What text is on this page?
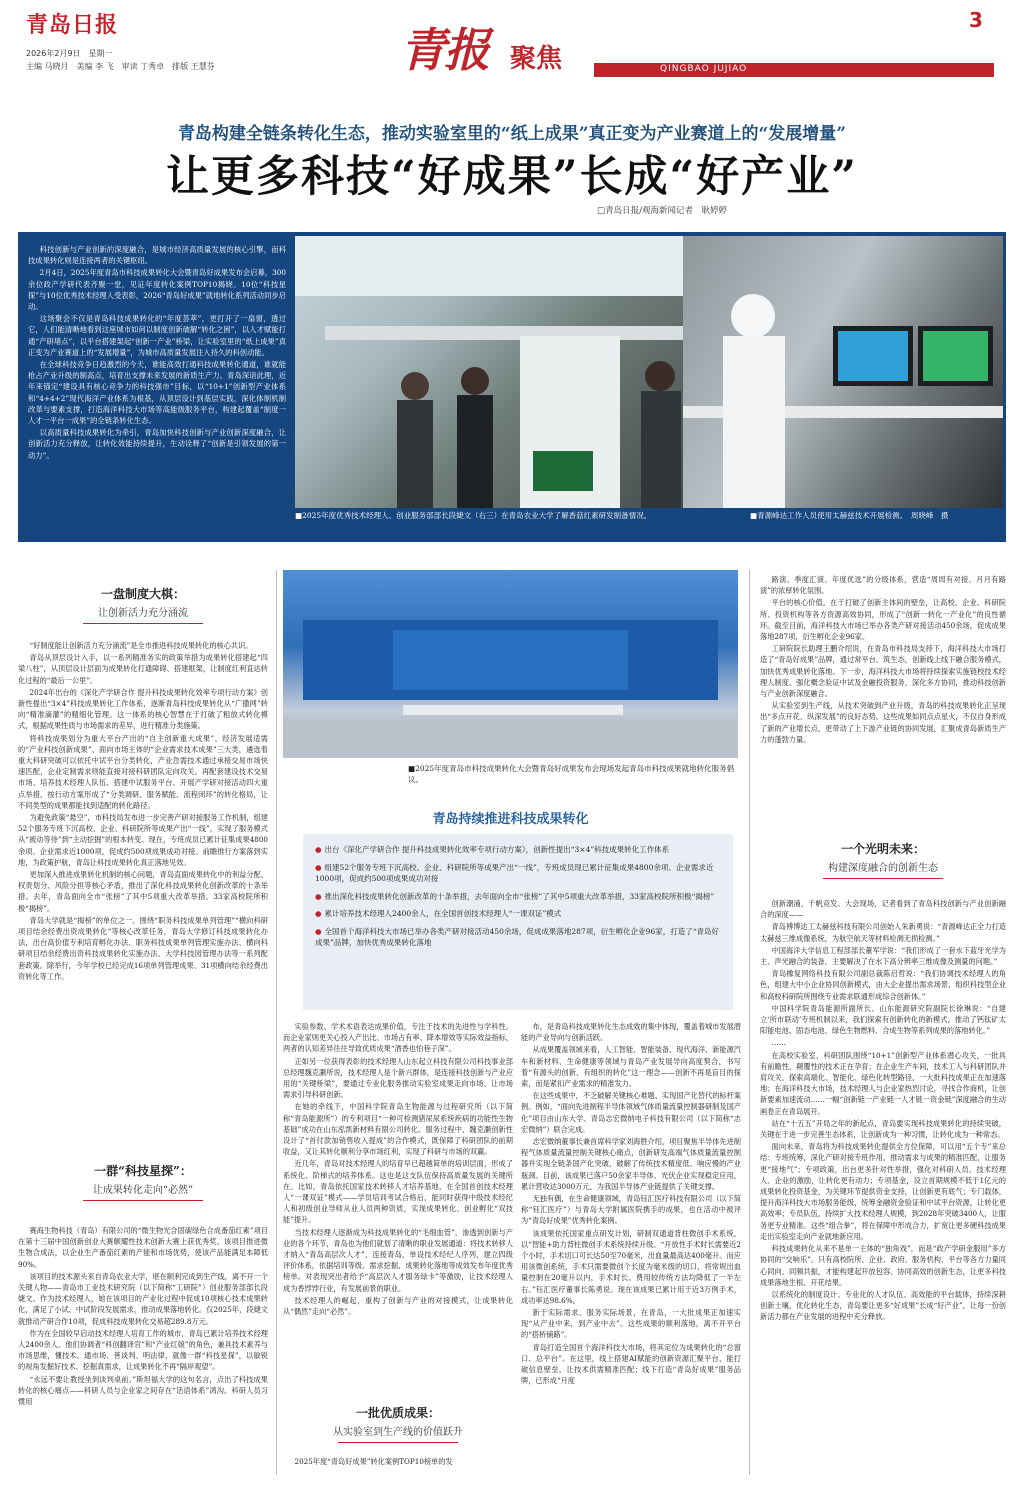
青岛日报
2026年2月9日　星期一
主编 马晓月　美编 李 飞　审读 丁秀卓　排版 王慧芬	青报 聚焦	QINGBAO JUJIAO
3
青岛构建全链条转化生态，推动实验室里的“纸上成果”真正变为产业赛道上的“发展增量”
让更多科技“好成果”长成“好产业”
□青岛日报/观海新闻记者　耿婷婷

科技创新与产业创新的深度融合，是城市经济高质量发展的核心引擎，而科技成果转化则是连接两者的关键枢纽。

2月4日，2025年度青岛市科技成果转化大会暨青岛好成果发布会启幕，300余位政产学研代表齐聚一堂，见证年度转化案例TOP10揭晓、10位“科技星探”与10位优秀技术经理人受表彰，2026“青岛好成果”就地转化系列活动同步启动。

这场聚会不仅是青岛科技成果转化的“年度荟萃”，更打开了一扇窗，透过它，人们能清晰地看到这座城市如何以制度创新破解“转化之困”，以人才赋能打通“产研堵点”，以平台搭建架起“创新一产业”桥梁，让实验室里的“纸上成果”真正变为产业赛道上的“发展增量”，为城市高质量发展注入持久的科创动能。

在全球科技竞争日趋激烈的今天，谁能高效打通科技成果转化通道，谁就能抢占产业升级的制高点，培育出支撑未来发展的新质生产力。青岛深谙此理，近年来锚定“建设具有核心竞争力的科技强市”目标，以“10+1”创新型产业体系和“4+4+2”现代海洋产业体系为根基，从顶层设计到基层实践，深化体制机制改革与要素支撑，打造海洋科技大市场等高能级服务平台，构建起覆盖“制度一人才一平台一成果”的全链条转化生态。

以高质量科技成果转化为牵引，青岛加快科技创新与产业创新深度融合，让创新活力充分释放，让转化效能持续提升，生动诠释了“创新是引领发展的第一动力”。

■2025年度优秀技术经理人、创业服务部部长段婕文（右三）在青岛农业大学了解香菇红素研发制备情况。	■青源峰达工作人员使用太赫兹技术开展检测。　周晓峰　摄
一盘制度大棋：
让创新活力充分涌流

“好制度能让创新活力充分涌流”是全市推进科技成果转化的核心共识。

青岛从顶层设计入手，以一系列精准务实的政策举措为成果转化搭建起“四梁八柱”，从顶层设计层面为成果转化打通障碍、搭建框架，让制度红利直达转化过程的“最后一公里”。

2024年出台的《深化产学研合作 提升科技成果转化效率专项行动方案》创新性提出“3×4”科技成果转化工作体系，逐渐青岛科技成果转化从“广撒网”转向“精准滴灌”的精细化管理。这一体系的核心智慧在于打破了粗放式转化模式，根据成果性质与市场需求的差异，进行精准分类施策。

将科技成果划分为重大平台产出的“自主创新重大成果”、经济发展适需的“产业科技创新成果”、面向市场主体的“企业需求技术成果”三大类，遴选着重大科研突破可以依托中试平台分类转化，产业急需技术通过承接交易市场快速匹配，企业定制需求则能直接对接科研团队定向攻关。再配套建设技术交易市场、培养技术经理人队伍、搭建中试服务平台、开展产学研对接活动四大重点举措，按行动方案形成了“分类调研、服务赋能、流程闭环”的转化格局，让不同类型的成果都能找到适配的转化路径。

为避免政策“悬空”，市科技局发布进一步完善产研对接服务工作机制，组建52个服务专班下沉高校、企业、科研院所等成果产出“一线”，实现了服务模式从“被动等待”到“主动挖掘”的根本转变。现在，专班成员已累计征集成果4800余项、企业需求近1000项，促成约500项成果成功对接。前瞻推行方案落到实地，为政策护航，青岛让科技成果转化真正落地见效。

更加深入推进成果转化机制的核心问题，青岛直面成果转化中的利益分配、权责划分、风险分担等核心矛盾，推出了深化科技成果转化创新改革的十条举措。去年，青岛面向全市“张榜”了其中5项重大改革举措，33家高校院所积极“揭榜”。

青岛大学就是“揭榜”的单位之一。围绕“职务科技成果单列管理”“横向科研项目结余经费出资成果转化”等核心改革任务，青岛大学修订科技成果转化办法，出台高价值专利培育孵化办法、职务科技成果单列管理实施办法、横向科研项目结余经费出资科技成果转化实施办法、大学科技园管理办法等一系列配套政策。除举行，今年学校已经完成16项单列管理成果、31项横向结余经费出资转化等工作。

一群“科技星探”：
让成果转化走向“必然”

赛海生物科技（青岛）有限公司的“微生物光合固碳绿色合成番茄红素”项目在第十三届中国创新创业大赛颇耀性技术创新大赛上获优秀奖。该项目推进微生物合成法，以企业生产番茄红素的产能和市场优势，使该产品能满足本障低90%。

该项目的技术源头来自青岛农业大学，堪在顺利完成到生产线，离不开一个关键人物——青岛市工业技术研究院（以下简称“工研院”）创业服务部部长段婕文。作为技术经理人，她在该项目的产业化过程中促成10项核心技术成果转化，满足了小试、中试阶段发展需求，推动成果落地转化。仅2025年，段婕文就推动产研合作10项，促成科技成果转化交易超289.8万元。

作为在全国较早启动技术经理人培育工作的城市，青岛已累计培养技术经理人2400余人。他们协调者“科创翻译官”和“产业红娘”的角色，兼具技术素养与市场思维，懂技术、通市场、善谈判、明法律，就像一群“科技星探”，以敏锐的视角发掘好技术、挖掘真需求，让成果转化不再“隔岸观望”。

“永远不要让教授坐到谈判桌前。”斯坦福大学的这句名言，点出了科技成果转化的核心痛点——科研人员与企业家之间存在“话语体系”鸿沟。科研人员习惯用

■2025年度青岛市科技成果转化大会暨青岛好成果发布会现场发起青岛市科技成果就地转化服务倡议。
青岛持续推进科技成果转化
● 出台《深化产学研合作 提升科技成果转化效率专项行动方案》，创新性提出“3×4”科技成果转化工作体系
● 组建52个服务专班下沉高校、企业、科研院所等成果产出“一线”，专班成员现已累计征集成果4800余项、企业需求近1000项，促成约500项成果成功对接
● 推出深化科技成果转化创新改革的十条举措，去年面向全市“张榜”了其中5项重大改革举措，33家高校院所积极“揭榜”
● 累计培养技术经理人2400余人，在全国首创技术经理人“一课双证”模式
● 全国首个海洋科技大市场已举办各类产研对接活动450余场，促成成果落地287项，衍生孵化企业96家，打造了“青岛好成果”品牌，加快优秀成果转化落地

实验参数、学术术语表达成果价值，专注于技术的先进性与学科性。而企业家则更关心投入产出比、市场占有率、降本增效等实际效益指标，两者的认知差异往往导致优质成果“酒香也怕巷子深”。

正如另一位获得表彰的技术经理人山东起立科技有限公司科技事业部总经理魏克灏所说，技术经理人是个新兴群体，是连接科技创新与产业应用的“关键桥梁”，要通过专业化服务推动实验室成果走向市场、让市场需求引导科研创新。

在她的牵线下，中国科学院青岛生物能源与过程研究所（以下简称“青岛能源所”）的专利项目“一种可检测猪尿尿系统疾病的功能性生物基础”成功在山东泓凯新材料有限公司转化。服务过程中，魏克灏创新性设计了“首付款加销售收入提成”的合作模式，既保障了科研团队的前期收益，又让其转化顺利分享市场红利，实现了科研与市场的双赢。

近几年，青岛对技术经理人的培育早已超越简单的培训层面，形成了系统化、阶梯式的培养体系。这也是这支队伍保持高质量发展的关键所在。比如，青岛依托国家技术转移人才培养基地，在全国首创技术经理人“一课双证”模式——学员培训考试合格后，能同时获得中级技术经纪人和初级创业导师从业人员两种资质，实现成果转化、创业孵化“双技能”提升。

当技术经理人逐渐成为科技成果转化的“毛细血管”，渗透到创新与产业的各个环节，青岛也为他们就划了清晰的职业发展通道：将技术转移人才纳入“青岛高层次人才”，连接青岛，单设技术经纪人序列，建立四级评价体系，依据培训等级、需求挖掘、成果转化落地等成效发布年度优秀榜单。对表现突出者给予“高层次人才服务绿卡”等激励，让技术经理人成为香饽饽行业，有发展前景的职业。

技术经理人的崛起，重构了创新与产业的对接模式，让成果转化从“偶然”走向“必然”。

一批优质成果：
从实验室到生产线的价值跃升

2025年度“青岛好成果”转化案例TOP10榜单的发

布，是青岛科技成果转化生态成效的集中体现，覆盖着城市发展潜能的产业导向与创新活跃。

从成果覆盖领域来看，人工智能、智能装备、现代海洋、新能源汽车和新材料、生命健康等领域与青岛产业发展导向高度契合，书写着“有源头的创新、有组织的转化”这一理念——创新不再是盲目的探索，而是紧扣产业需求的精准发力。

在这些成果中，不乏破解关键核心难题、实现国产化替代的标杆案例。例如，“面向先进制程半导体领域气体质量流量控制器研制及国产化”项目由山东大学、青岛志宏微纳电子科技有限公司（以下简称“志宏微纳”）联合完成。

志宏微纳董事长兼首席科学家刘海胜介绍，项目聚焦半导体先进制程气体质量流量控制关键核心痛点，创新研发高端气体质量流量控制器并实现全链条国产化突破，破解了传统技术精度低、响应慢的产业瓶颈。目前，该成果已落户50余家半导体、光伏企业实现稳定应用，累计营收达3000万元，为我国半导体产业链提供了关键支撑。

无独有偶，在生命健康领域，青岛钰汇医疗科技有限公司（以下简称“钰汇医疗”）与青岛大学附属医院携手的成果，也在活动中被评为“青岛好成果”优秀转化案例。

该成果依托国家重点研发计划，研制双通道背柱微创手术系统，以“智能+助力背柱微创手术系统持续升级。“开放性手术时长需要近2个小时，手术切口可长达50至70毫米，出血量最高达400毫升。而应用该微创系统，手术只需要微创个长度为毫米级的切口，将常规出血量控制在20毫升以内，手术时长、费用较传统方法均降低了一半左右。”钰汇医疗董事长陈勇说。现在该成果已累计用于近3万例手术，成功率达98.6%。

新于实际需求、服务实际场景，在青岛，一大批成果正加速实现“从产业中来，到产业中去”。这些成果的顺利落地，离不开平台的“搭桥铺路”。

青岛打造全国首个海洋科技大市场，将其定位为成果转化的“总窗口、总平台”。在这里，线上搭建AI赋能的创新资源汇聚平台，能打破信息壁垒，让技术供需精准匹配；线下打造“青岛好成果”服务品牌，已形成“月度

路演、季度汇演、年度优选”的分级体系，营造“周周有对接、月月有路演”的浓厚转化氛围。

平台的核心价值，在于打破了创新主体间的壁垒，让高校、企业、科研院所、投资机构等各方资源高效协同，形成了“创新一转化一产业化”的良性循环。截至目前，海洋科技大市场已举办各类产研对接活动450余场，促成成果落地287项，衍生孵化企业96家。

工研院院长助理王鹏介绍说，在青岛市科技局支持下，海洋科技大市场打造了“青岛好成果”品牌，通过常平台、筑生态，创新线上线下融合服务模式，加快优秀成果转化落地。下一步，海洋科技大市场将持续探索实施链校技术经理人制度、强化概念验证中试及金融投资服务，深化多方协同，推动科技创新与产业创新深度融合。

从实验室到生产线，从技术突破到产业升级，青岛的科技成果转化正呈现出“多点开花、纵深发展”的良好态势。这些成果如同点点星火，不仅自身形成了新的产业增长点，更带动了上下游产业链的协同发展，汇聚成青岛新质生产力的蓬勃力量。

一个光明未来：
构建深度融合的创新生态

创新潮涌，千帆竞发。大会现场，记者看到了青岛科技创新与产业创新融合的深度——

青岛傅博达工太赫兹科技有限公司创始人朱新勇说：“青源峰达正全力打造太赫兹三维成像系统，为航空航天等材料检测无损检测。”

中国海洋大学信息工程部部长董军学说：“我们形成了一套水下蓝牙光学为主、声光融合的装备，主要解决了在水下高分辨率三维成像及测量的问题。”

青岛橡复网络科技有限公司副总裁陈启哲说：“我们协调技术经理人的角色，组建大中小企业协同创新模式，由大企业提出需求场景，组织科技型企业和高校科研院所围绕专业需求联通形成综合创新体。”

中国科学院青岛能源所副所长、山东能源研究院副院长徐琳说：“自建立‘所市联动’专班机制以来，我们探索有创新转化的新模式，推动了钙钛矿太阳能电池、固态电池、绿色生物燃料、合成生物等系列成果的落地转化。”

……

在高校实验室，科研团队围绕“10+1”创新型产业体系潜心攻关，一批具有前瞻性、颠覆性的技术正在孕育；在企业生产车间，技术工人与科研团队并肩攻关，探索高端化、智能化、绿色化转型路径，一大批科技成果正在加速落地；在海洋科技大市场，技术经理人与企业家热烈讨论，寻找合作商机，让创新要素加速流动……一幅“创新链一产业链一人才链一资金链”深度融合的生动画卷正在青岛展开。

站在“十五五”开局之年的新起点，青岛要实现科技成果转化的持续突破，关键在于进一步完善生态体系，让创新成为一种习惯，让转化成为一种常态。

面向未来，青岛将为科技成果转化提供全方位保障，可以用“五个专”来总结：专班统筹，深化产研对接专班作用，推动需求与成果的精准匹配，让服务更“接地气”；专项政策，出台更多针对性举措，强化对科研人员、技术经理人、企业的激励，让转化更有动力；专项基金，设立首期规模不低于1亿元的成果转化投资基金，为关键环节提供资金支持，让创新更有底气；专门载体，提升海洋科技大市场服务能级，统筹金融资金验证和中试平台资源，让转化更高效率；专员队伍，持续扩大技术经理人规模，到2028年突破3400人，让服务更专业精准。这些“组合拳”，将在保障中形成合力，扩宽让更多硬科技成果走出实验室走向产业就地新应用。

科技成果转化从来不是单一主体的“独角戏”，而是“政产学研金服用”多方协同的“交响乐”。只有高校院所、企业、政府、服务机构、平台等各方力量同心同向、同频共振，才能构建起开放包容、协同高效的创新生态，让更多科技成果落地生根、开花结果。

以系统化的制度设计、专业化的人才队伍、高效能的平台载体，持续深耕创新土壤，优化转化生态，青岛要让更多“好成果”长成“好产业”，让每一份创新活力都在产业发展的进程中充分释放。
